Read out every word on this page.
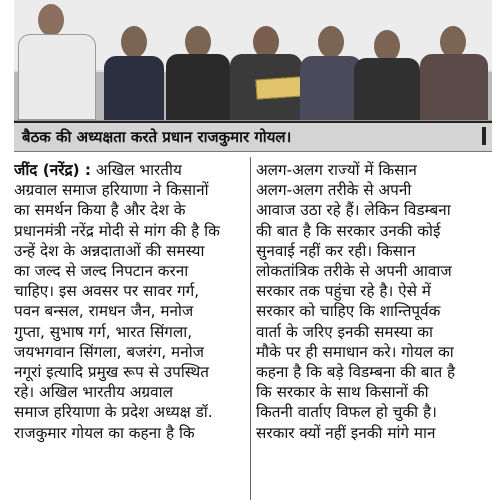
बैठक की अध्यक्षता करते प्रधान राजकुमार गोयल।
जींद (नरेंद्र) : अखिल भारतीय
अग्रवाल समाज हरियाणा ने किसानों
का समर्थन किया है और देश के
प्रधानमंत्री नरेंद्र मोदी से मांग की है कि
उन्हें देश के अन्नदाताओं की समस्या
का जल्द से जल्द निपटान करना
चाहिए। इस अवसर पर सावर गर्ग,
पवन बन्सल, रामधन जैन, मनोज
गुप्ता, सुभाष गर्ग, भारत सिंगला,
जयभगवान सिंगला, बजरंग, मनोज
नगूरां इत्यादि प्रमुख रूप से उपस्थित
रहे। अखिल भारतीय अग्रवाल
समाज हरियाणा के प्रदेश अध्यक्ष डॉ.
राजकुमार गोयल का कहना है कि
अलग-अलग राज्यों में किसान
अलग-अलग तरीके से अपनी
आवाज उठा रहे हैं। लेकिन विडम्बना
की बात है कि सरकार उनकी कोई
सुनवाई नहीं कर रही। किसान
लोकतांत्रिक तरीके से अपनी आवाज
सरकार तक पहुंचा रहे है। ऐसे में
सरकार को चाहिए कि शान्तिपूर्वक
वार्ता के जरिए इनकी समस्या का
मौके पर ही समाधान करे। गोयल का
कहना है कि बड़े विडम्बना की बात है
कि सरकार के साथ किसानों की
कितनी वार्ताए विफल हो चुकी है।
सरकार क्यों नहीं इनकी मांगे मान
